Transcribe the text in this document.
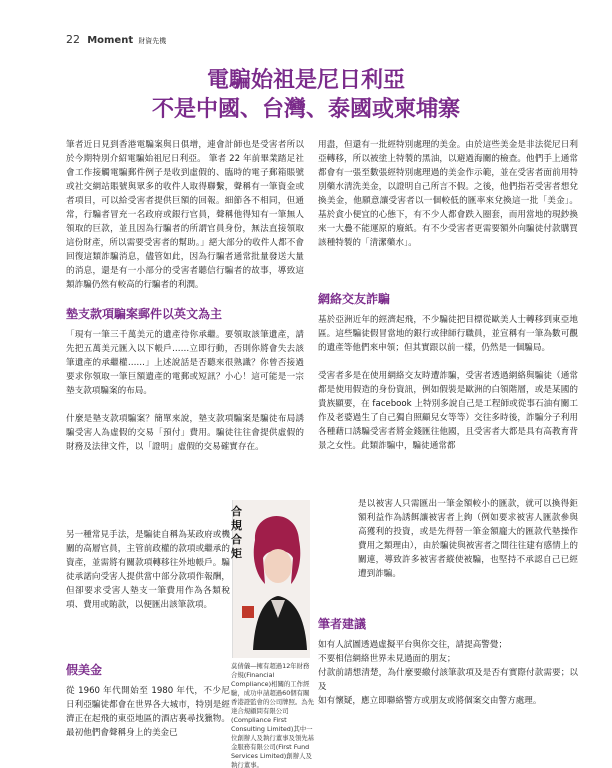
22 Moment 財資先機
電騙始祖是尼日利亞
不是中國、台灣、泰國或柬埔寨

筆者近日見到香港電騙案與日俱增，連會計師也是受害者所以於今期特別介紹電騙始祖尼日利亞。 筆者 22 年前畢業踏足社會工作接觸電騙郵件例子是收到虛假的、臨時的電子郵箱賬號或社交網站賬號與眾多的收件人取得聯繫，聲稱有一筆資金或者項目，可以給受害者提供巨額的回報。細節各不相同，但通常，行騙者冒充一名政府或銀行官員，聲稱他得知有一筆無人領取的巨款，並且因為行騙者的所謂官員身份，無法直接領取這份財產，所以需要受害者的幫助。」絕大部分的收件人都不會回復這類詐騙消息，儘管如此，因為行騙者通常批量發送大量的消息，還是有一小部分的受害者聽信行騙者的故事，導致這類詐騙仍然有較高的行騙者的利潤。

墊支款項騙案郵件以英文為主

「現有一筆三千萬美元的遺產待你承繼。要領取該筆遺產，請先把五萬美元匯入以下帳戶……立即行動，否則你將會失去該筆遺產的承繼權……」上述說話是否聽來很熟識？你曾否接過要求你領取一筆巨額遺產的電郵或短訊？小心！這可能是一宗墊支款項騙案的布局。

什麼是墊支款項騙案？簡單來說，墊支款項騙案是騙徒布局誘騙受害人為虛假的交易「預付」費用。騙徒往往會提供虛假的財務及法律文件，以「證明」虛假的交易確實存在。

另一種常見手法，是騙徒自稱為某政府或機關的高層官員，主管前政權的款項或繼承的資產，並需將有關款項轉移往外地帳戶。騙徒承諾向受害人提供當中部分款項作報酬，但卻要求受害人墊支一筆費用作為各類稅項、費用或賄款，以便匯出該筆款項。
假美金

從 1960 年代開始至 1980 年代，不少尼日利亞騙徒都會在世界各大城市，特別是經濟正在起飛的東亞地區的酒店裏尋找獵物。最初他們會聲稱身上的美金已

用盡，但還有一批經特別處理的美金。由於這些美金是非法從尼日利亞轉移，所以被塗上特製的黑油，以避過海關的檢查。他們手上通常都會有一張至數張經特別處理過的美金作示範，並在受害者面前用特別藥水清洗美金，以證明自己所言不假。之後，他們指若受害者想兌換美金，他願意讓受害者以一個較低的匯率來兌換這一批「美金」。基於貪小便宜的心態下，有不少人都會跌入圈套，而用當地的現鈔換來一大疊不能運原的廢紙。有不少受害者更需要額外向騙徒付款購買該種特製的「清潔藥水」。

網絡交友詐騙

基於亞洲近年的經濟起飛，不少騙徒把目標從歐美人士轉移到東亞地區。這些騙徒假冒當地的銀行或律師行職員，並宣稱有一筆為數可觀的遺產等他們來申領；但其實跟以前一樣，仍然是一個騙局。

受害者多是在使用網絡交友時遭詐騙，受害者透過網絡與騙徒（通常都是使用假造的身份資訊，例如假裝是歐洲的白領階層，或是某國的貴族顯要，在 facebook 上特別多說自己是工程師或從事石油有關工作及老婆過生了自己獨自照顧兒女等等）交往多時後，詐騙分子利用各種藉口誘騙受害者將金錢匯往他國，且受害者大都是具有高教育背景之女性。此類詐騙中，騙徒通常都

是以被害人只需匯出一筆金額較小的匯款，就可以換得鉅額利益作為誘餌讓被害者上鉤（例如要求被害人匯款參與高獲利的投資，或是先得替一筆金額龐大的匯款代墊操作費用之類理由），由於騙徒與被害者之間往往建有感情上的關連，導致許多被害者縱使被騙，也堅持不承認自己已經遭到詐騙。
筆者建議
如有人試圖透過虛擬平台與你交往，請提高警覺；
不要相信網絡世界未見過面的朋友；
付款前請想清楚，為什麼要繳付該筆款項及是否有實際付款需要；以及
如有懷疑，應立即聯絡警方或朋友或將個案交由警方處理。
合規合矩
莫倩儀—擁有超過12年財務合規(Financial Compliance)相關的工作經驗，成功申請超過60個有關香港證監會的公司牌照。為先達合規顧問有限公司(Compliance First Consulting Limited)其中一位創辦人及執行董事及領先基金服務有限公司(First Fund Services Limited)創辦人及執行董事。
